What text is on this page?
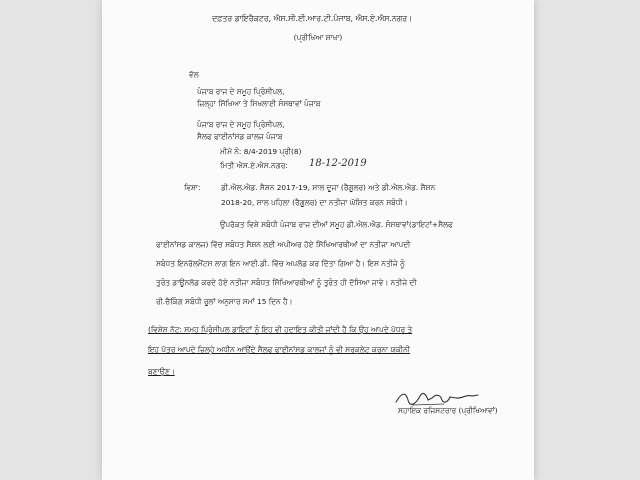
ਦਫ਼ਤਰ ਡਾਇਰੈਕਟਰ, ਐਸ.ਸੀ.ਈ.ਆਰ.ਟੀ.ਪੰਜਾਬ, ਐਸ.ਏ.ਐਸ.ਨਗਰ।
(ਪ੍ਰੀਖਿਆ ਸ਼ਾਖਾ)
ਵੱਲ
ਪੰਜਾਬ ਰਾਜ ਦੇ ਸਮੂਹ ਪ੍ਰਿੰਸੀਪਲ,
ਜ਼ਿਲ੍ਹਾ ਸਿੱਖਿਆ ਤੇ ਸਿਖਲਾਈ ਸੰਸਥਾਵਾਂ ਪੰਜਾਬ
ਪੰਜਾਬ ਰਾਜ ਦੇ ਸਮੂਹ ਪ੍ਰਿੰਸੀਪਲ,
ਸੈਲਫ ਫਾਈਨਾਂਸਡ ਕਾਲਜ ਪੰਜਾਬ
ਮੀਮੋ ਨੰ: 8/4-2019 ਪ੍ਰੀ(8)
ਮਿਤੀ ਐਸ.ਏ.ਐਸ.ਨਗਰ: 18-12-2019
ਵਿਸ਼ਾ:	ਡੀ.ਐਲ.ਐਡ. ਸੈਸ਼ਨ 2017-19, ਸਾਲ ਦੂਜਾ (ਰੈਗੂਲਰ) ਅਤੇ ਡੀ.ਐਲ.ਐਡ. ਸੈਸ਼ਨ
2018-20, ਸਾਲ ਪਹਿਲਾ (ਰੈਗੂਲਰ) ਦਾ ਨਤੀਜਾ ਘੋਸ਼ਿਤ ਕਰਨ ਸਬੰਧੀ।
ਉਪਰੋਕਤ ਵਿਸ਼ੇ ਸਬੰਧੀ ਪੰਜਾਬ ਰਾਜ ਦੀਆਂ ਸਮੂਹ ਡੀ.ਐਲ.ਐਡ. ਸੰਸਥਾਵਾਂ(ਡਾਇਟਾਂ+ਸੈਲਫ
ਫਾਈਨਾਂਸਡ ਕਾਲਜ) ਵਿੱਚ ਸਬੰਧਤ ਸੈਸ਼ਨ ਲਈ ਅਪੀਅਰ ਹੋਏ ਸਿੱਖਿਆਰਥੀਆਂ ਦਾ ਨਤੀਜਾ ਆਪਦੀ
ਸਬੰਧਤ ਇਨਰੋਲਮੈਂਟਸ ਲਾਗ ਇਨ ਆਈ.ਡੀ. ਵਿੱਚ ਅਪਲੋਡ ਕਰ ਦਿੱਤਾ ਗਿਆ ਹੈ। ਇਸ ਨਤੀਜੇ ਨੂੰ
ਤੁਰੰਤ ਡਾਊਨਲੋਡ ਕਰਦੇ ਹੋਏ ਨਤੀਜਾ ਸਬੰਧਤ ਸਿੱਖਿਆਰਥੀਆਂ ਨੂੰ ਤੁਰੰਤ ਹੀ ਦੱਸਿਆ ਜਾਵੇ। ਨਤੀਜੇ ਦੀ
ਰੀ.ਚੈਕਿੰਗ ਸਬੰਧੀ ਰੂਲਾਂ ਅਨੁਸਾਰ ਸਮਾਂ 15 ਦਿਨ ਹੈ।
(ਵਿਸ਼ੇਸ਼ ਨੋਟ: ਸਮੂਹ ਪ੍ਰਿੰਸੀਪਲ ਡਾਇਟਾਂ ਨੂੰ ਇਹ ਵੀ ਹਦਾਇਤ ਕੀਤੀ ਜਾਂਦੀ ਹੈ ਕਿ ਉਹ ਆਪਦੇ ਪੱਧਰ ਤੇ
ਇਹ ਪੱਤਰ ਆਪਦੇ ਜ਼ਿਲ੍ਹੇ ਅਧੀਨ ਆਉਂਦੇ ਸੈਲਫ ਫਾਈਨਾਂਸਡ ਕਾਲਜਾਂ ਨੂੰ ਵੀ ਸਰਕੂਲੇਟ ਕਰਨਾ ਯਕੀਨੀ
ਬਣਾਉਣ।
ਸਹਾਇਕ ਰਜਿਸਟਰਾਰ (ਪ੍ਰੀਖਿਆਵਾਂ)
